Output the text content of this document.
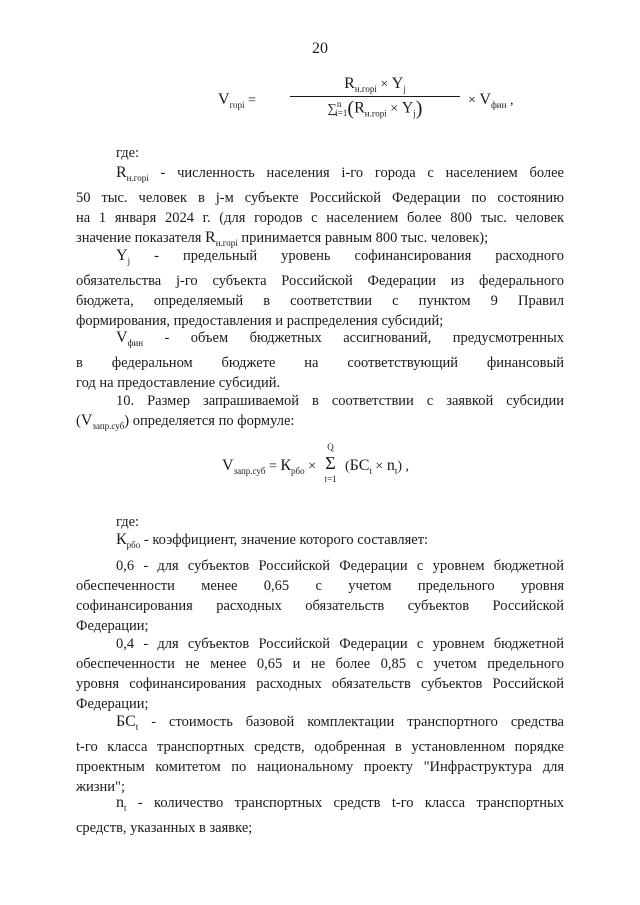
20
$V_{горі}$ =
$R_{н.горі} \times Y_j$
$\sum^n_{i=1}(R_{н.горі} \times Y_j)$	× $V_{фин}$ ,
где:
$R_{н.горі}$ - численность населения i-го города с населением более
50 тыс. человек в j-м субъекте Российской Федерации по состоянию
на 1 января 2024 г. (для городов с населением более 800 тыс. человек
значение показателя $R_{н.горі}$ принимается равным 800 тыс. человек);
$Y_j$ - предельный уровень софинансирования расходного
обязательства j-го субъекта Российской Федерации из федерального
бюджета, определяемый в соответствии с пунктом 9 Правил
формирования, предоставления и распределения субсидий;
$V_{фин}$ - объем бюджетных ассигнований, предусмотренных
в федеральном бюджете на соответствующий финансовый
год на предоставление субсидий.
10. Размер запрашиваемой в соответствии с заявкой субсидии
$(V_{запр.суб})$ определяется по формуле:
$V_{запр.суб} = К_{рбо}$ ×
Q
Σ
t=1
$(БС_t \times n_t)$ ,
где:
$К_{рбо}$ - коэффициент, значение которого составляет:
0,6 - для субъектов Российской Федерации с уровнем бюджетной
обеспеченности менее 0,65 с учетом предельного уровня
софинансирования расходных обязательств субъектов Российской
Федерации;
0,4 - для субъектов Российской Федерации с уровнем бюджетной
обеспеченности не менее 0,65 и не более 0,85 с учетом предельного
уровня софинансирования расходных обязательств субъектов Российской
Федерации;
$БС_t$ - стоимость базовой комплектации транспортного средства
t-го класса транспортных средств, одобренная в установленном порядке
проектным комитетом по национальному проекту "Инфраструктура для
жизни";
$n_t$ - количество транспортных средств t-го класса транспортных
средств, указанных в заявке;
